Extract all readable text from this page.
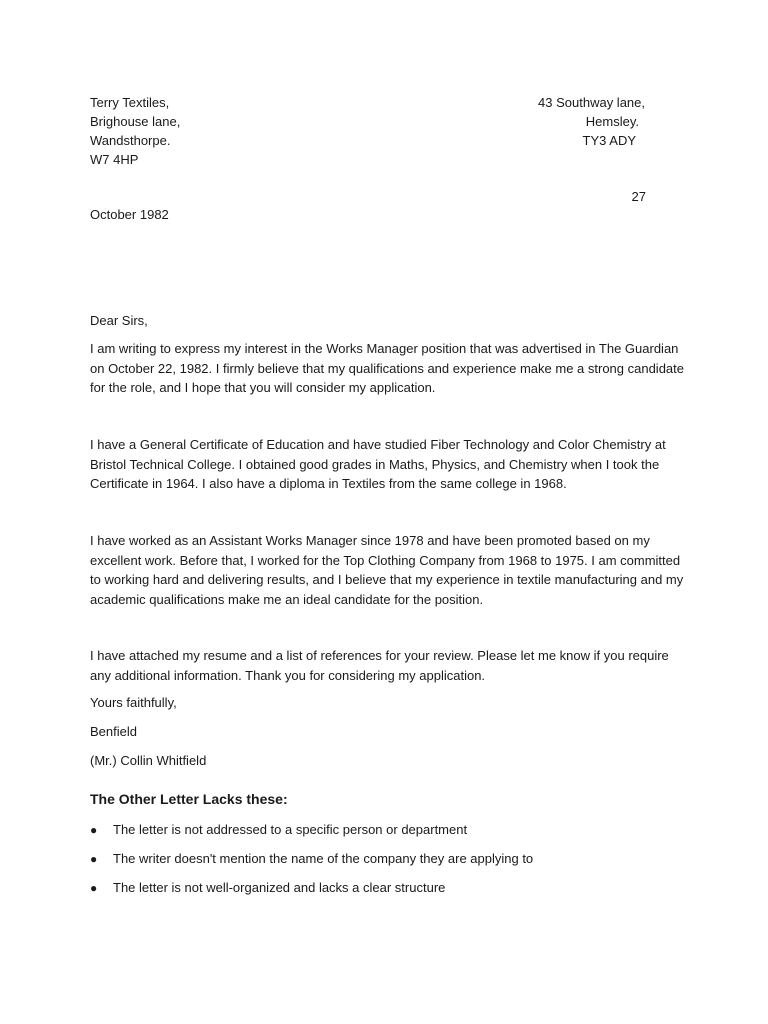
Terry Textiles,
Brighouse lane,
Wandsthorpe.
W7 4HP
43 Southway lane,
Hemsley.
TY3 ADY
27
October 1982
Dear Sirs,
I am writing to express my interest in the Works Manager position that was advertised in The Guardian
on October 22, 1982. I firmly believe that my qualifications and experience make me a strong candidate
for the role, and I hope that you will consider my application.
I have a General Certificate of Education and have studied Fiber Technology and Color Chemistry at
Bristol Technical College. I obtained good grades in Maths, Physics, and Chemistry when I took the
Certificate in 1964. I also have a diploma in Textiles from the same college in 1968.
I have worked as an Assistant Works Manager since 1978 and have been promoted based on my
excellent work. Before that, I worked for the Top Clothing Company from 1968 to 1975. I am committed
to working hard and delivering results, and I believe that my experience in textile manufacturing and my
academic qualifications make me an ideal candidate for the position.
I have attached my resume and a list of references for your review. Please let me know if you require
any additional information. Thank you for considering my application.
Yours faithfully,
Benfield
(Mr.) Collin Whitfield
The Other Letter Lacks these:
● The letter is not addressed to a specific person or department
● The writer doesn't mention the name of the company they are applying to
● The letter is not well-organized and lacks a clear structure
